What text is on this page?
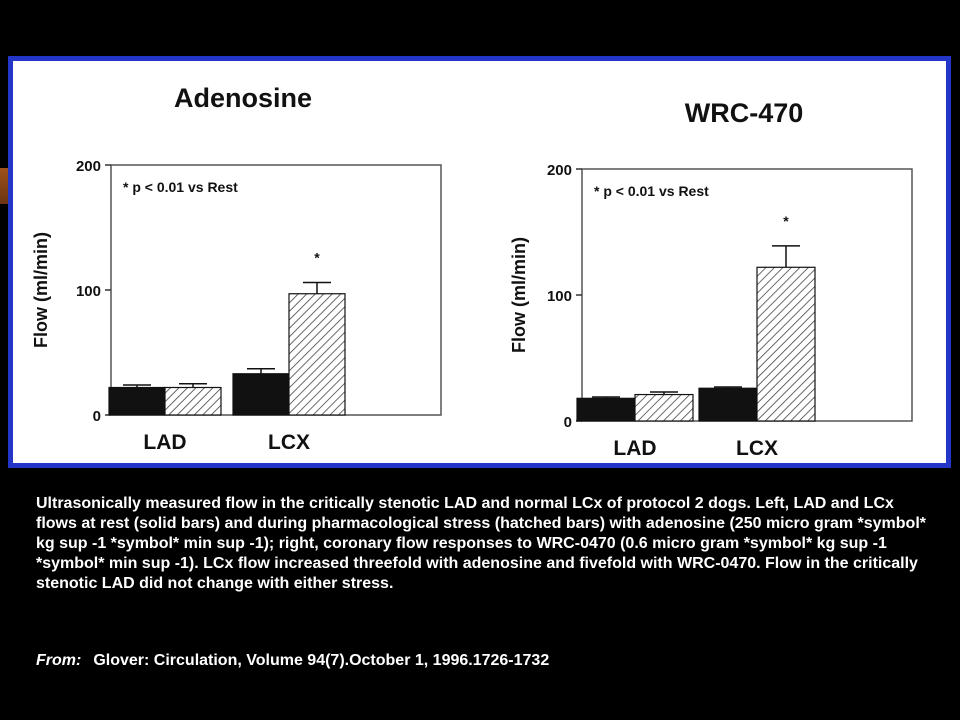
Adenosine
0
100
200
Flow (ml/min)
* p < 0.01 vs Rest
LAD
*
LCX
WRC-470
0
100
200
Flow (ml/min)
* p < 0.01 vs Rest
LAD
*
LCX
Ultrasonically measured flow in the critically stenotic LAD and normal LCx of protocol 2 dogs. Left, LAD and LCx flows at rest (solid bars) and during pharmacological stress (hatched bars) with adenosine (250 micro gram *symbol* kg sup -1 *symbol* min sup -1); right, coronary flow responses to WRC-0470 (0.6 micro gram *symbol* kg sup -1 *symbol* min sup -1). LCx flow increased threefold with adenosine and fivefold with WRC-0470. Flow in the critically stenotic LAD did not change with either stress.
From: Glover: Circulation, Volume 94(7).October 1, 1996.1726-1732
